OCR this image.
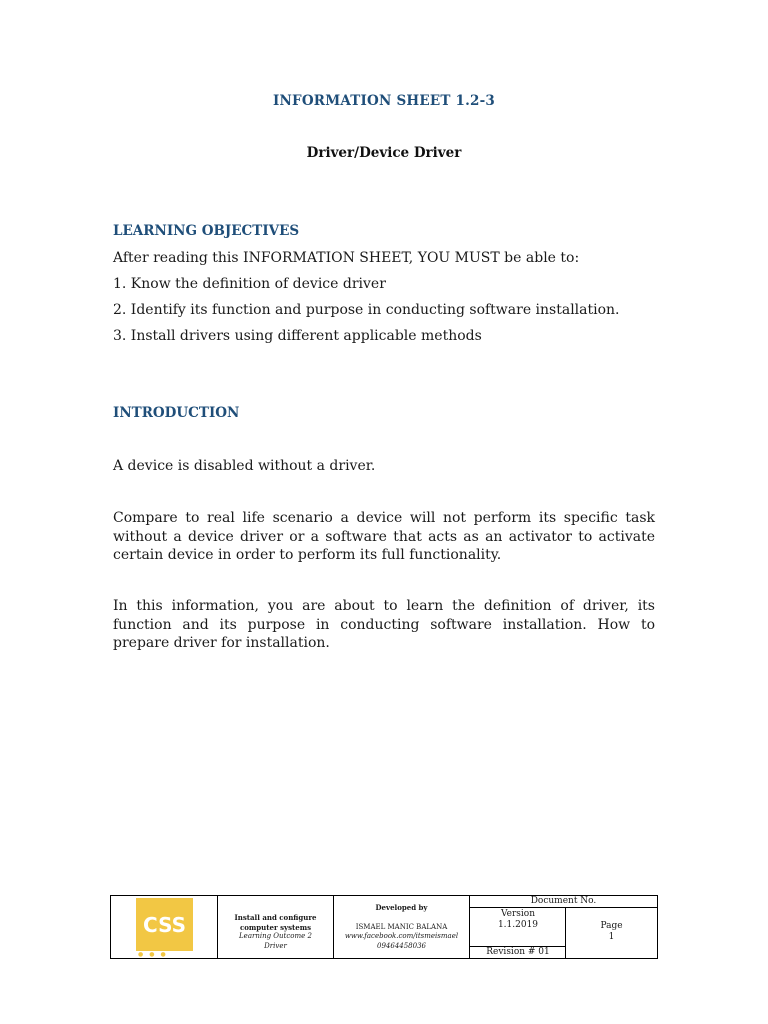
INFORMATION SHEET 1.2-3
Driver/Device Driver
LEARNING OBJECTIVES
After reading this INFORMATION SHEET, YOU MUST be able to:
1. Know the definition of device driver
2. Identify its function and purpose in conducting software installation.
3. Install drivers using different applicable methods
INTRODUCTION

A device is disabled without a driver.

Compare to real life scenario a device will not perform its specific task without a device driver or a software that acts as an activator to activate certain device in order to perform its full functionality.

In this information, you are about to learn the definition of driver, its function and its purpose in conducting software installation. How to prepare driver for installation.

CSS
●●●
Install and configure
computer systems
Learning Outcome 2
Driver
Developed by
ISMAEL MANIC BALANA
www.facebook.com/itsmeismael
09464458036
Version
1.1.2019
Revision # 01
Page
1
Document No.
